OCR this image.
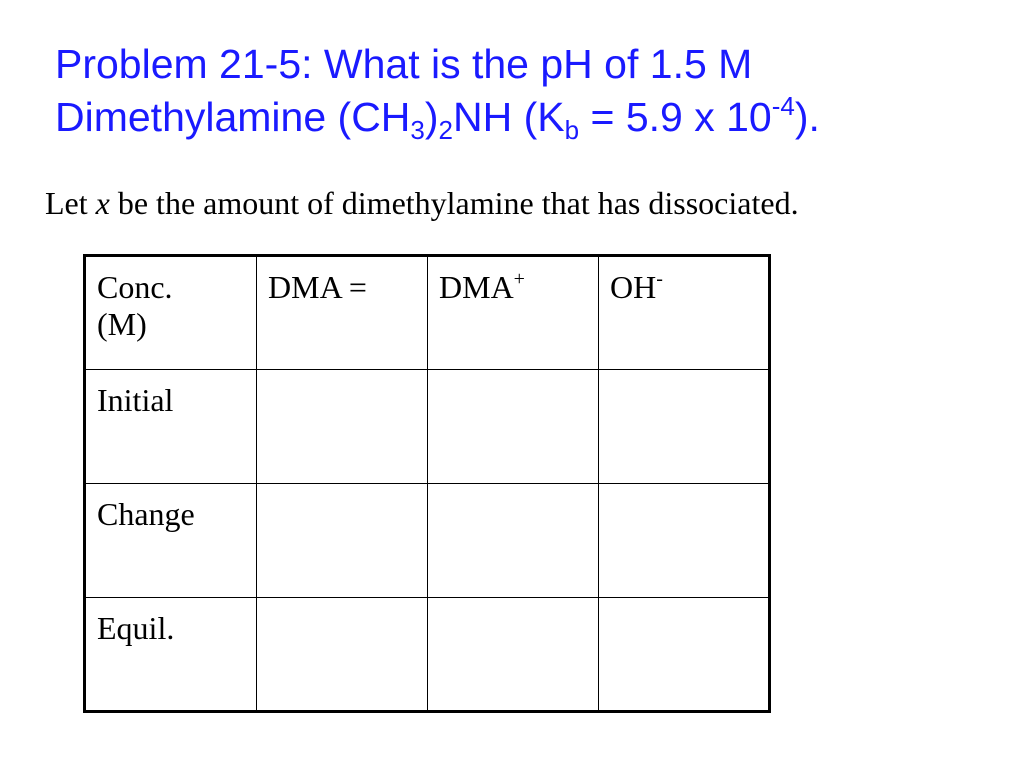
Problem 21-5: What is the pH of 1.5 M
Dimethylamine $(CH_3)_2NH$ ($K_b = 5.9$ x $10^{-4}$).
Let x be the amount of dimethylamine that has dissociated.
Conc.
(M)	DMA =	DMA+	OH-
Initial			
Change			
Equil.			
